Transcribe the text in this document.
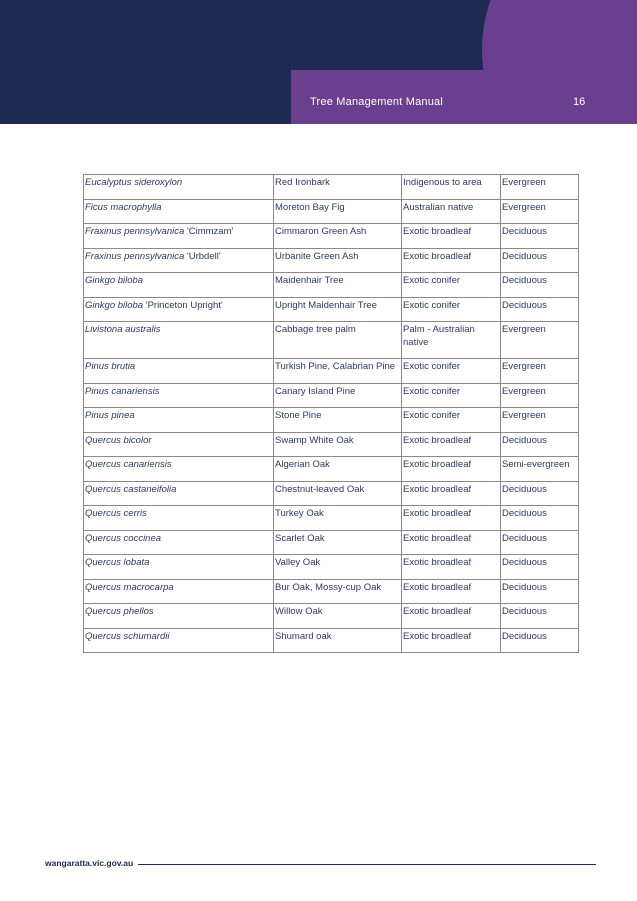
Tree Management Manual	16
Eucalyptus sideroxylon	Red Ironbark	Indigenous to area	Evergreen
Ficus macrophylla	Moreton Bay Fig	Australian native	Evergreen
Fraxinus pennsylvanica 'Cimmzam'	Cimmaron Green Ash	Exotic broadleaf	Deciduous
Fraxinus pennsylvanica 'Urbdell'	Urbanite Green Ash	Exotic broadleaf	Deciduous
Ginkgo biloba	Maidenhair Tree	Exotic conifer	Deciduous
Ginkgo biloba 'Princeton Upright'	Upright Maidenhair Tree	Exotic conifer	Deciduous
Livistona australis	Cabbage tree palm	Palm - Australian native	Evergreen
Pinus brutia	Turkish Pine, Calabrian Pine	Exotic conifer	Evergreen
Pinus canariensis	Canary Island Pine	Exotic conifer	Evergreen
Pinus pinea	Stone Pine	Exotic conifer	Evergreen
Quercus bicolor	Swamp White Oak	Exotic broadleaf	Deciduous
Quercus canariensis	Algerian Oak	Exotic broadleaf	Semi-evergreen
Quercus castaneifolia	Chestnut-leaved Oak	Exotic broadleaf	Deciduous
Quercus cerris	Turkey Oak	Exotic broadleaf	Deciduous
Quercus coccinea	Scarlet Oak	Exotic broadleaf	Deciduous
Quercus lobata	Valley Oak	Exotic broadleaf	Deciduous
Quercus macrocarpa	Bur Oak, Mossy-cup Oak	Exotic broadleaf	Deciduous
Quercus phellos	Willow Oak	Exotic broadleaf	Deciduous
Quercus schumardii	Shumard oak	Exotic broadleaf	Deciduous
wangaratta.vic.gov.au
